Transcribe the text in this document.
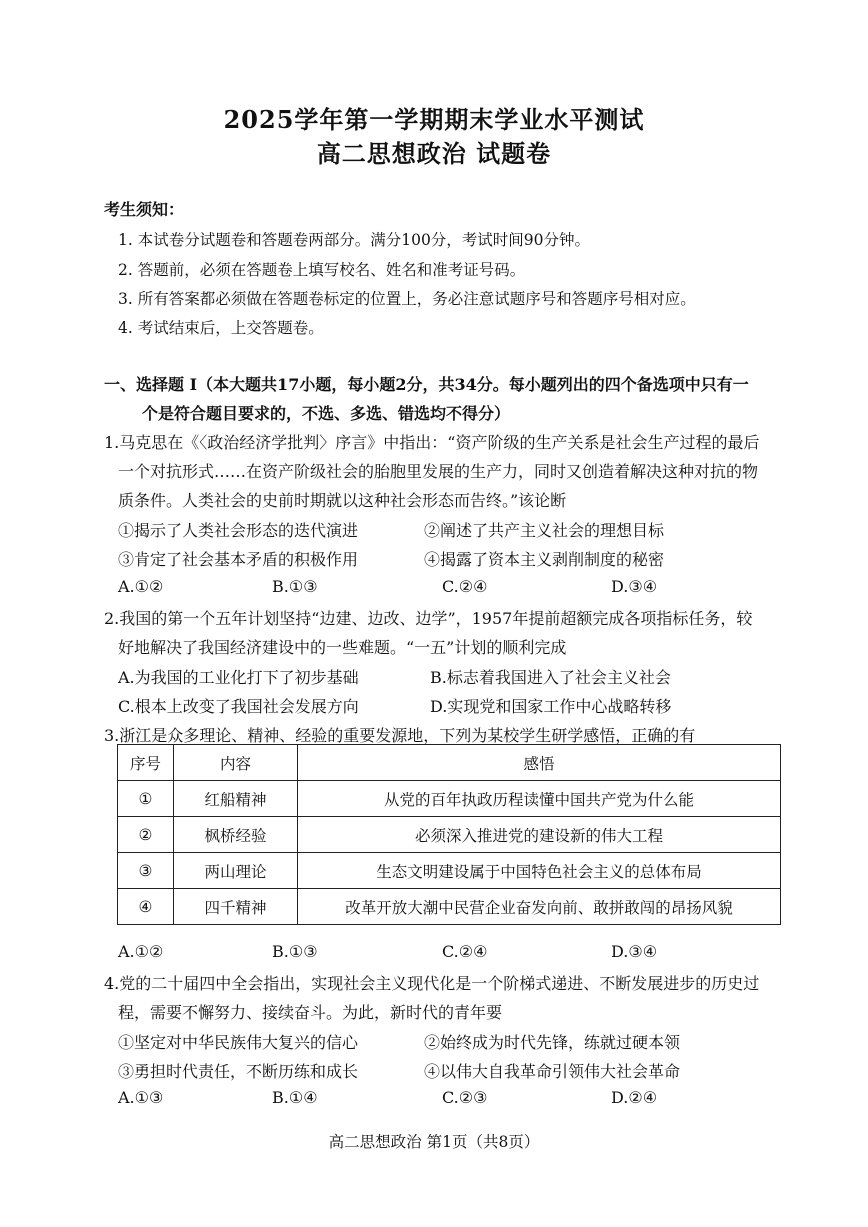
2025学年第一学期期末学业水平测试
高二思想政治 试题卷
考生须知：
1. 本试卷分试题卷和答题卷两部分。满分100分，考试时间90分钟。
2. 答题前，必须在答题卷上填写校名、姓名和准考证号码。
3. 所有答案都必须做在答题卷标定的位置上，务必注意试题序号和答题序号相对应。
4. 考试结束后，上交答题卷。
一、选择题 Ⅰ（本大题共17小题，每小题2分，共34分。每小题列出的四个备选项中只有一
个是符合题目要求的，不选、多选、错选均不得分）
1.马克思在《〈政治经济学批判〉序言》中指出：“资产阶级的生产关系是社会生产过程的最后
一个对抗形式……在资产阶级社会的胎胞里发展的生产力，同时又创造着解决这种对抗的物
质条件。人类社会的史前时期就以这种社会形态而告终。”该论断
①揭示了人类社会形态的迭代演进	②阐述了共产主义社会的理想目标
③肯定了社会基本矛盾的积极作用	④揭露了资本主义剥削制度的秘密
A.①②	B.①③	C.②④	D.③④
2.我国的第一个五年计划坚持“边建、边改、边学”，1957年提前超额完成各项指标任务，较
好地解决了我国经济建设中的一些难题。“一五”计划的顺利完成
A.为我国的工业化打下了初步基础	B.标志着我国进入了社会主义社会
C.根本上改变了我国社会发展方向	D.实现党和国家工作中心战略转移
3.浙江是众多理论、精神、经验的重要发源地，下列为某校学生研学感悟，正确的有
序号	内容	感悟
①	红船精神	从党的百年执政历程读懂中国共产党为什么能
②	枫桥经验	必须深入推进党的建设新的伟大工程
③	两山理论	生态文明建设属于中国特色社会主义的总体布局
④	四千精神	改革开放大潮中民营企业奋发向前、敢拼敢闯的昂扬风貌
A.①②	B.①③	C.②④	D.③④
4.党的二十届四中全会指出，实现社会主义现代化是一个阶梯式递进、不断发展进步的历史过
程，需要不懈努力、接续奋斗。为此，新时代的青年要
①坚定对中华民族伟大复兴的信心	②始终成为时代先锋，练就过硬本领
③勇担时代责任，不断历练和成长	④以伟大自我革命引领伟大社会革命
A.①③	B.①④	C.②③	D.②④
高二思想政治 第1页（共8页）
